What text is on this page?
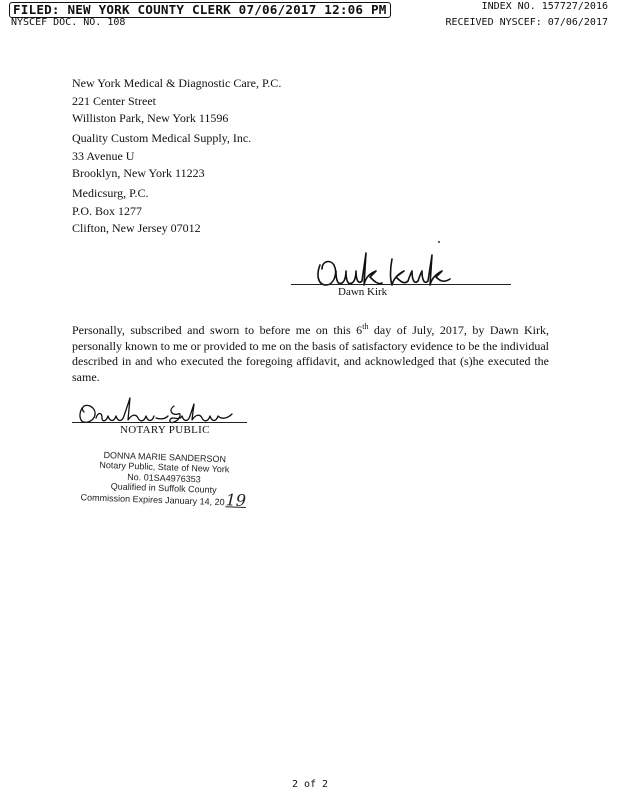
FILED: NEW YORK COUNTY CLERK 07/06/2017 12:06 PM
NYSCEF DOC. NO. 108
INDEX NO. 157727/2016
RECEIVED NYSCEF: 07/06/2017
New York Medical & Diagnostic Care, P.C.
221 Center Street
Williston Park, New York 11596
Quality Custom Medical Supply, Inc.
33 Avenue U
Brooklyn, New York 11223
Medicsurg, P.C.
P.O. Box 1277
Clifton, New Jersey 07012
Dawn Kirk

Personally, subscribed and sworn to before me on this 6th day of July, 2017, by Dawn Kirk, personally known to me or provided to me on the basis of satisfactory evidence to be the individual described in and who executed the foregoing affidavit, and acknowledged that (s)he executed the same.

NOTARY PUBLIC
DONNA MARIE SANDERSON
Notary Public, State of New York
No. 01SA4976353
Qualified in Suffolk County
Commission Expires January 14, 2019
2 of 2
